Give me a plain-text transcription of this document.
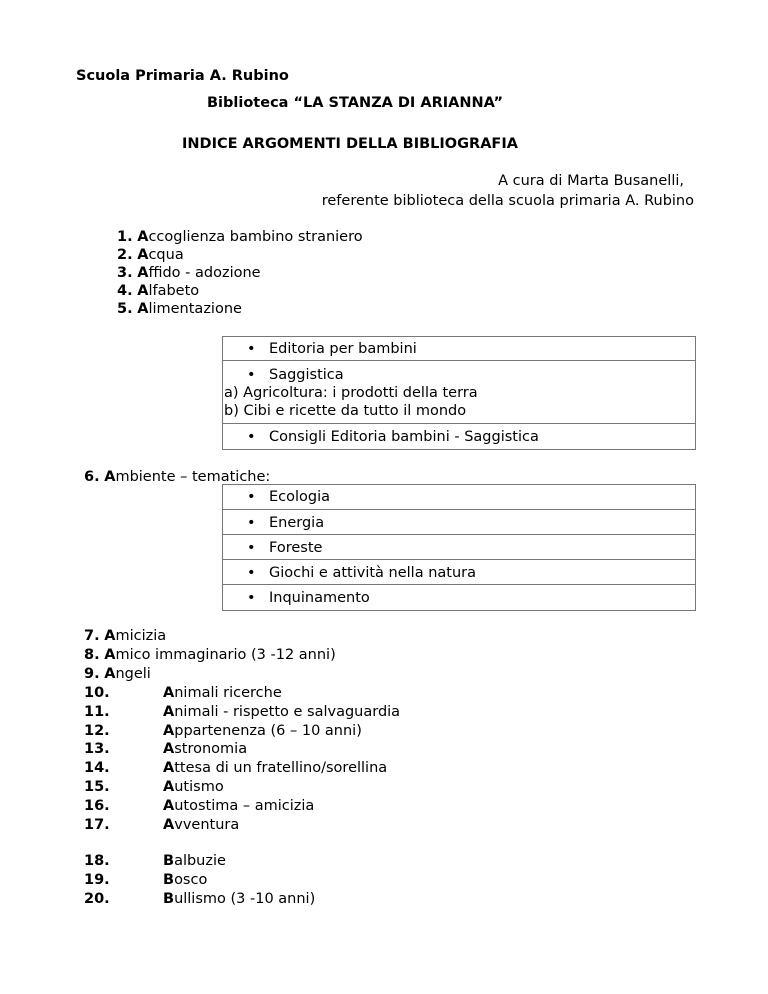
Scuola Primaria A. Rubino
Biblioteca “LA STANZA DI ARIANNA”
INDICE ARGOMENTI DELLA BIBLIOGRAFIA
A cura di Marta Busanelli,
referente biblioteca della scuola primaria A. Rubino
1. Accoglienza bambino straniero
2. Acqua
3. Affido - adozione
4. Alfabeto
5. Alimentazione
• Editoria per bambini
• Saggistica
a) Agricoltura: i prodotti della terra
b) Cibi e ricette da tutto il mondo
• Consigli Editoria bambini - Saggistica
6. Ambiente – tematiche:
• Ecologia
• Energia
• Foreste
• Giochi e attività nella natura
• Inquinamento
7. Amicizia
8. Amico immaginario (3 -12 anni)
9. Angeli
10.	Animali ricerche
11.	Animali - rispetto e salvaguardia
12.	Appartenenza (6 – 10 anni)
13.	Astronomia
14.	Attesa di un fratellino/sorellina
15.	Autismo
16.	Autostima – amicizia
17.	Avventura
18.	Balbuzie
19.	Bosco
20.	Bullismo (3 -10 anni)
